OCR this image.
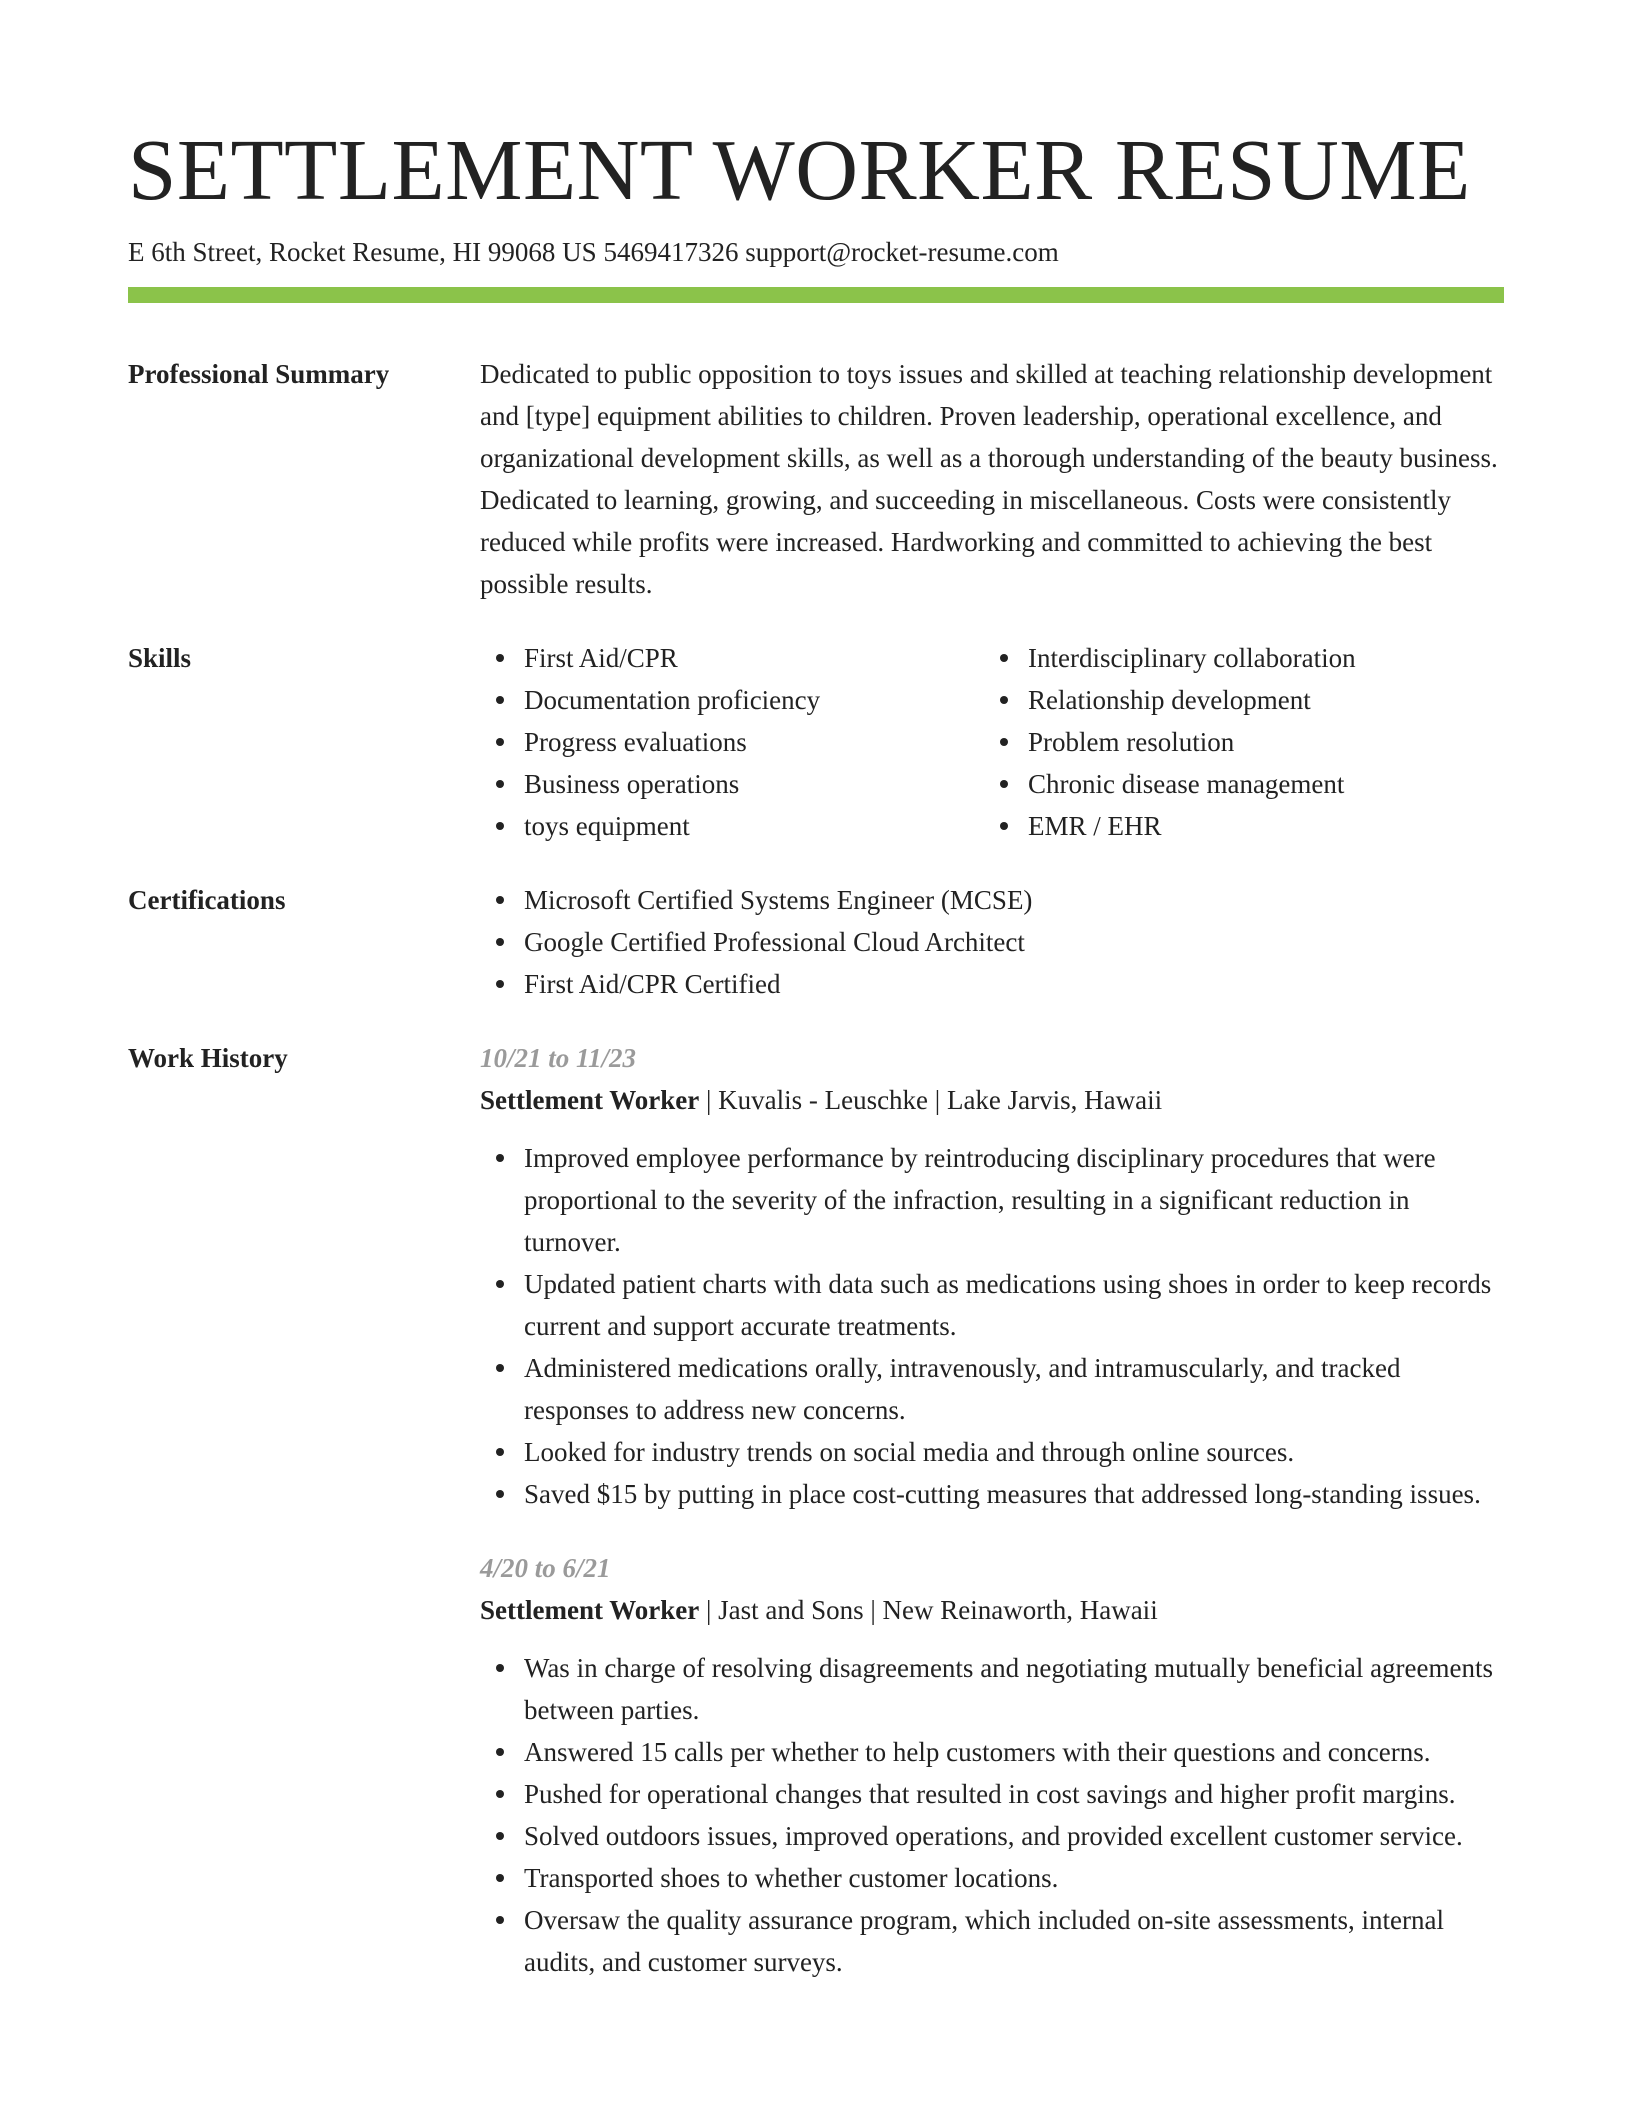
SETTLEMENT WORKER RESUME
E 6th Street, Rocket Resume, HI 99068 US 5469417326 support@rocket-resume.com
Professional Summary	Dedicated to public opposition to toys issues and skilled at teaching relationship development and [type] equipment abilities to children. Proven leadership, operational excellence, and organizational development skills, as well as a thorough understanding of the beauty business. Dedicated to learning, growing, and succeeding in miscellaneous. Costs were consistently reduced while profits were increased. Hardworking and committed to achieving the best possible results.

Skills	First Aid/CPR
Documentation proficiency
Progress evaluations
Business operations
toys equipment
Interdisciplinary collaboration
Relationship development
Problem resolution
Chronic disease management
EMR / EHR
Certifications	Microsoft Certified Systems Engineer (MCSE)
Google Certified Professional Cloud Architect
First Aid/CPR Certified
Work History	10/21 to 11/23

Settlement Worker | Kuvalis - Leuschke | Lake Jarvis, Hawaii

Improved employee performance by reintroducing disciplinary procedures that were proportional to the severity of the infraction, resulting in a significant reduction in turnover.
Updated patient charts with data such as medications using shoes in order to keep records current and support accurate treatments.
Administered medications orally, intravenously, and intramuscularly, and tracked responses to address new concerns.
Looked for industry trends on social media and through online sources.
Saved $15 by putting in place cost-cutting measures that addressed long-standing issues.

4/20 to 6/21

Settlement Worker | Jast and Sons | New Reinaworth, Hawaii

Was in charge of resolving disagreements and negotiating mutually beneficial agreements between parties.
Answered 15 calls per whether to help customers with their questions and concerns.
Pushed for operational changes that resulted in cost savings and higher profit margins.
Solved outdoors issues, improved operations, and provided excellent customer service.
Transported shoes to whether customer locations.
Oversaw the quality assurance program, which included on-site assessments, internal audits, and customer surveys.
